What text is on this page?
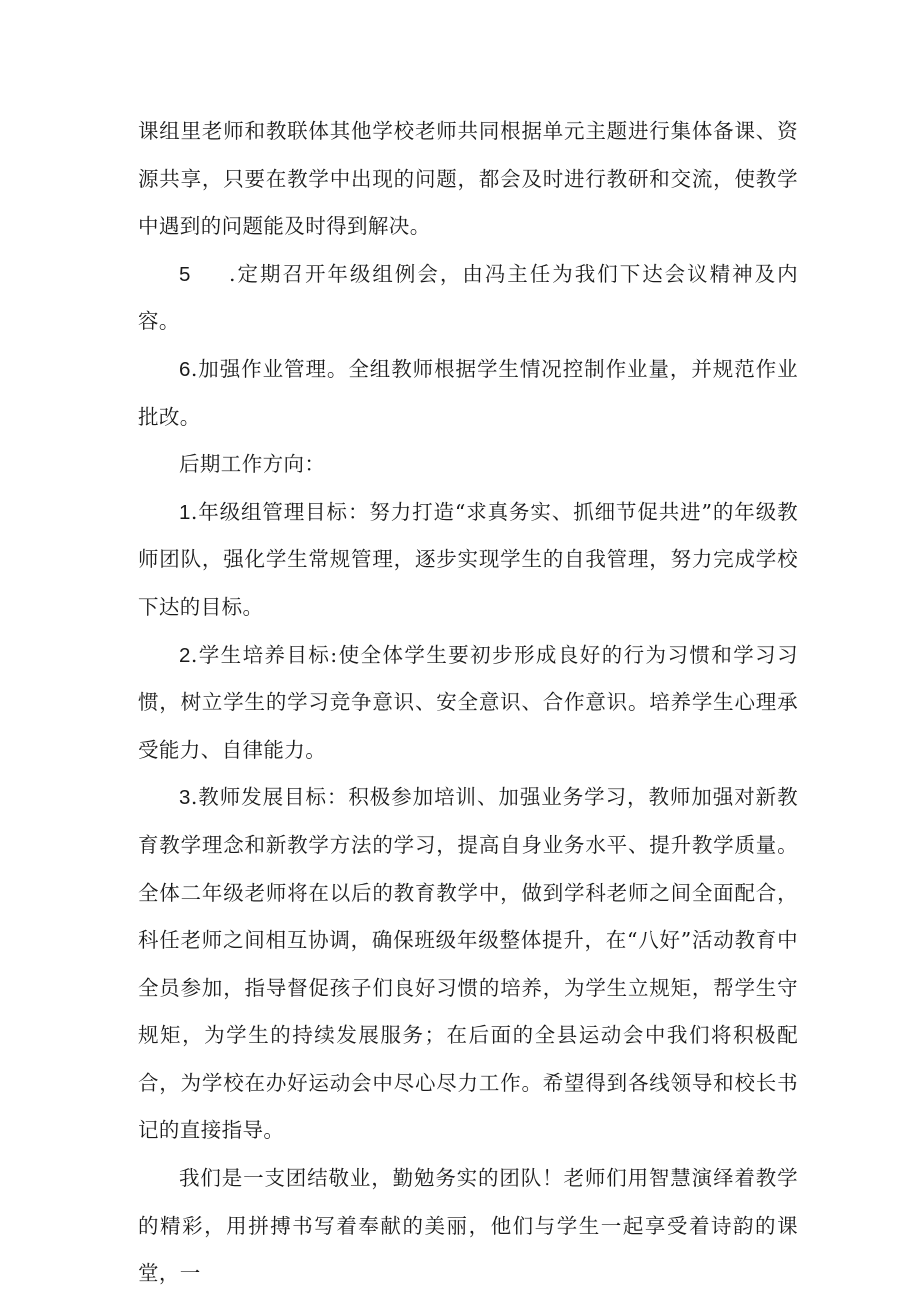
课组里老师和教联体其他学校老师共同根据单元主题进行集体备课、资源共享，只要在教学中出现的问题，都会及时进行教研和交流，使教学中遇到的问题能及时得到解决。

5 .定期召开年级组例会，由冯主任为我们下达会议精神及内容。

6.加强作业管理。全组教师根据学生情况控制作业量，并规范作业批改。

后期工作方向：

1.年级组管理目标：努力打造“求真务实、抓细节促共进”的年级教师团队，强化学生常规管理，逐步实现学生的自我管理，努力完成学校下达的目标。

2.学生培养目标:使全体学生要初步形成良好的行为习惯和学习习惯，树立学生的学习竞争意识、安全意识、合作意识。培养学生心理承受能力、自律能力。

3.教师发展目标：积极参加培训、加强业务学习，教师加强对新教育教学理念和新教学方法的学习，提高自身业务水平、提升教学质量。全体二年级老师将在以后的教育教学中，做到学科老师之间全面配合，科任老师之间相互协调，确保班级年级整体提升，在“八好”活动教育中全员参加，指导督促孩子们良好习惯的培养，为学生立规矩，帮学生守规矩，为学生的持续发展服务；在后面的全县运动会中我们将积极配合，为学校在办好运动会中尽心尽力工作。希望得到各线领导和校长书记的直接指导。

我们是一支团结敬业，勤勉务实的团队！老师们用智慧演绎着教学的精彩，用拼搏书写着奉献的美丽，他们与学生一起享受着诗韵的课堂，一
